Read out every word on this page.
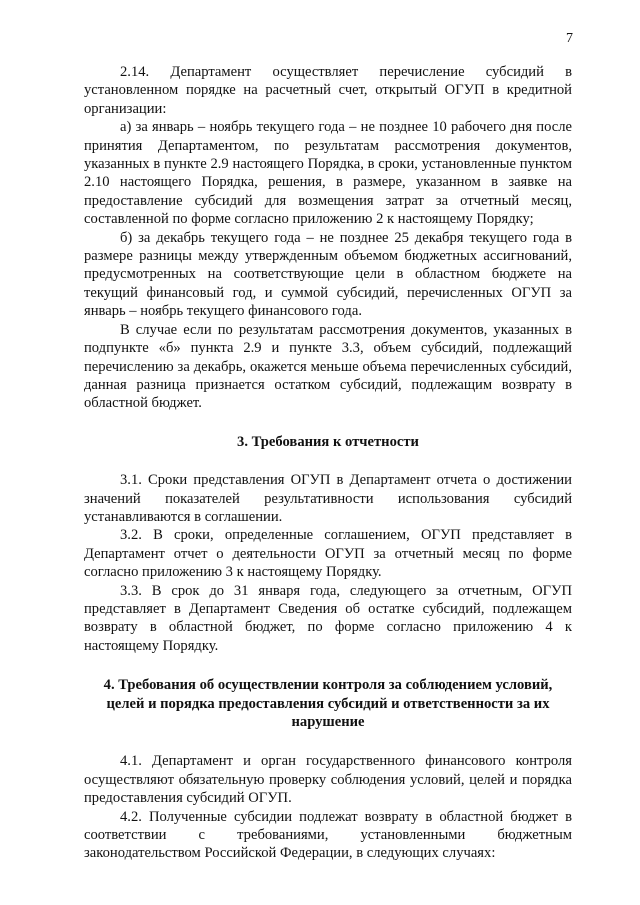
7

2.14. Департамент осуществляет перечисление субсидий в установленном порядке на расчетный счет, открытый ОГУП в кредитной организации:

а) за январь – ноябрь текущего года – не позднее 10 рабочего дня после принятия Департаментом, по результатам рассмотрения документов, указанных в пункте 2.9 настоящего Порядка, в сроки, установленные пунктом 2.10 настоящего Порядка, решения, в размере, указанном в заявке на предоставление субсидий для возмещения затрат за отчетный месяц, составленной по форме согласно приложению 2 к настоящему Порядку;

б) за декабрь текущего года – не позднее 25 декабря текущего года в размере разницы между утвержденным объемом бюджетных ассигнований, предусмотренных на соответствующие цели в областном бюджете на текущий финансовый год, и суммой субсидий, перечисленных ОГУП за январь – ноябрь текущего финансового года.

В случае если по результатам рассмотрения документов, указанных в подпункте «б» пункта 2.9 и пункте 3.3, объем субсидий, подлежащий перечислению за декабрь, окажется меньше объема перечисленных субсидий, данная разница признается остатком субсидий, подлежащим возврату в областной бюджет.

3. Требования к отчетности

3.1. Сроки представления ОГУП в Департамент отчета о достижении значений показателей результативности использования субсидий устанавливаются в соглашении.

3.2. В сроки, определенные соглашением, ОГУП представляет в Департамент отчет о деятельности ОГУП за отчетный месяц по форме согласно приложению 3 к настоящему Порядку.

3.3. В срок до 31 января года, следующего за отчетным, ОГУП представляет в Департамент Сведения об остатке субсидий, подлежащем возврату в областной бюджет, по форме согласно приложению 4 к настоящему Порядку.

4. Требования об осуществлении контроля за соблюдением условий, целей и порядка предоставления субсидий и ответственности за их нарушение

4.1. Департамент и орган государственного финансового контроля осуществляют обязательную проверку соблюдения условий, целей и порядка предоставления субсидий ОГУП.

4.2. Полученные субсидии подлежат возврату в областной бюджет в соответствии с требованиями, установленными бюджетным законодательством Российской Федерации, в следующих случаях:
